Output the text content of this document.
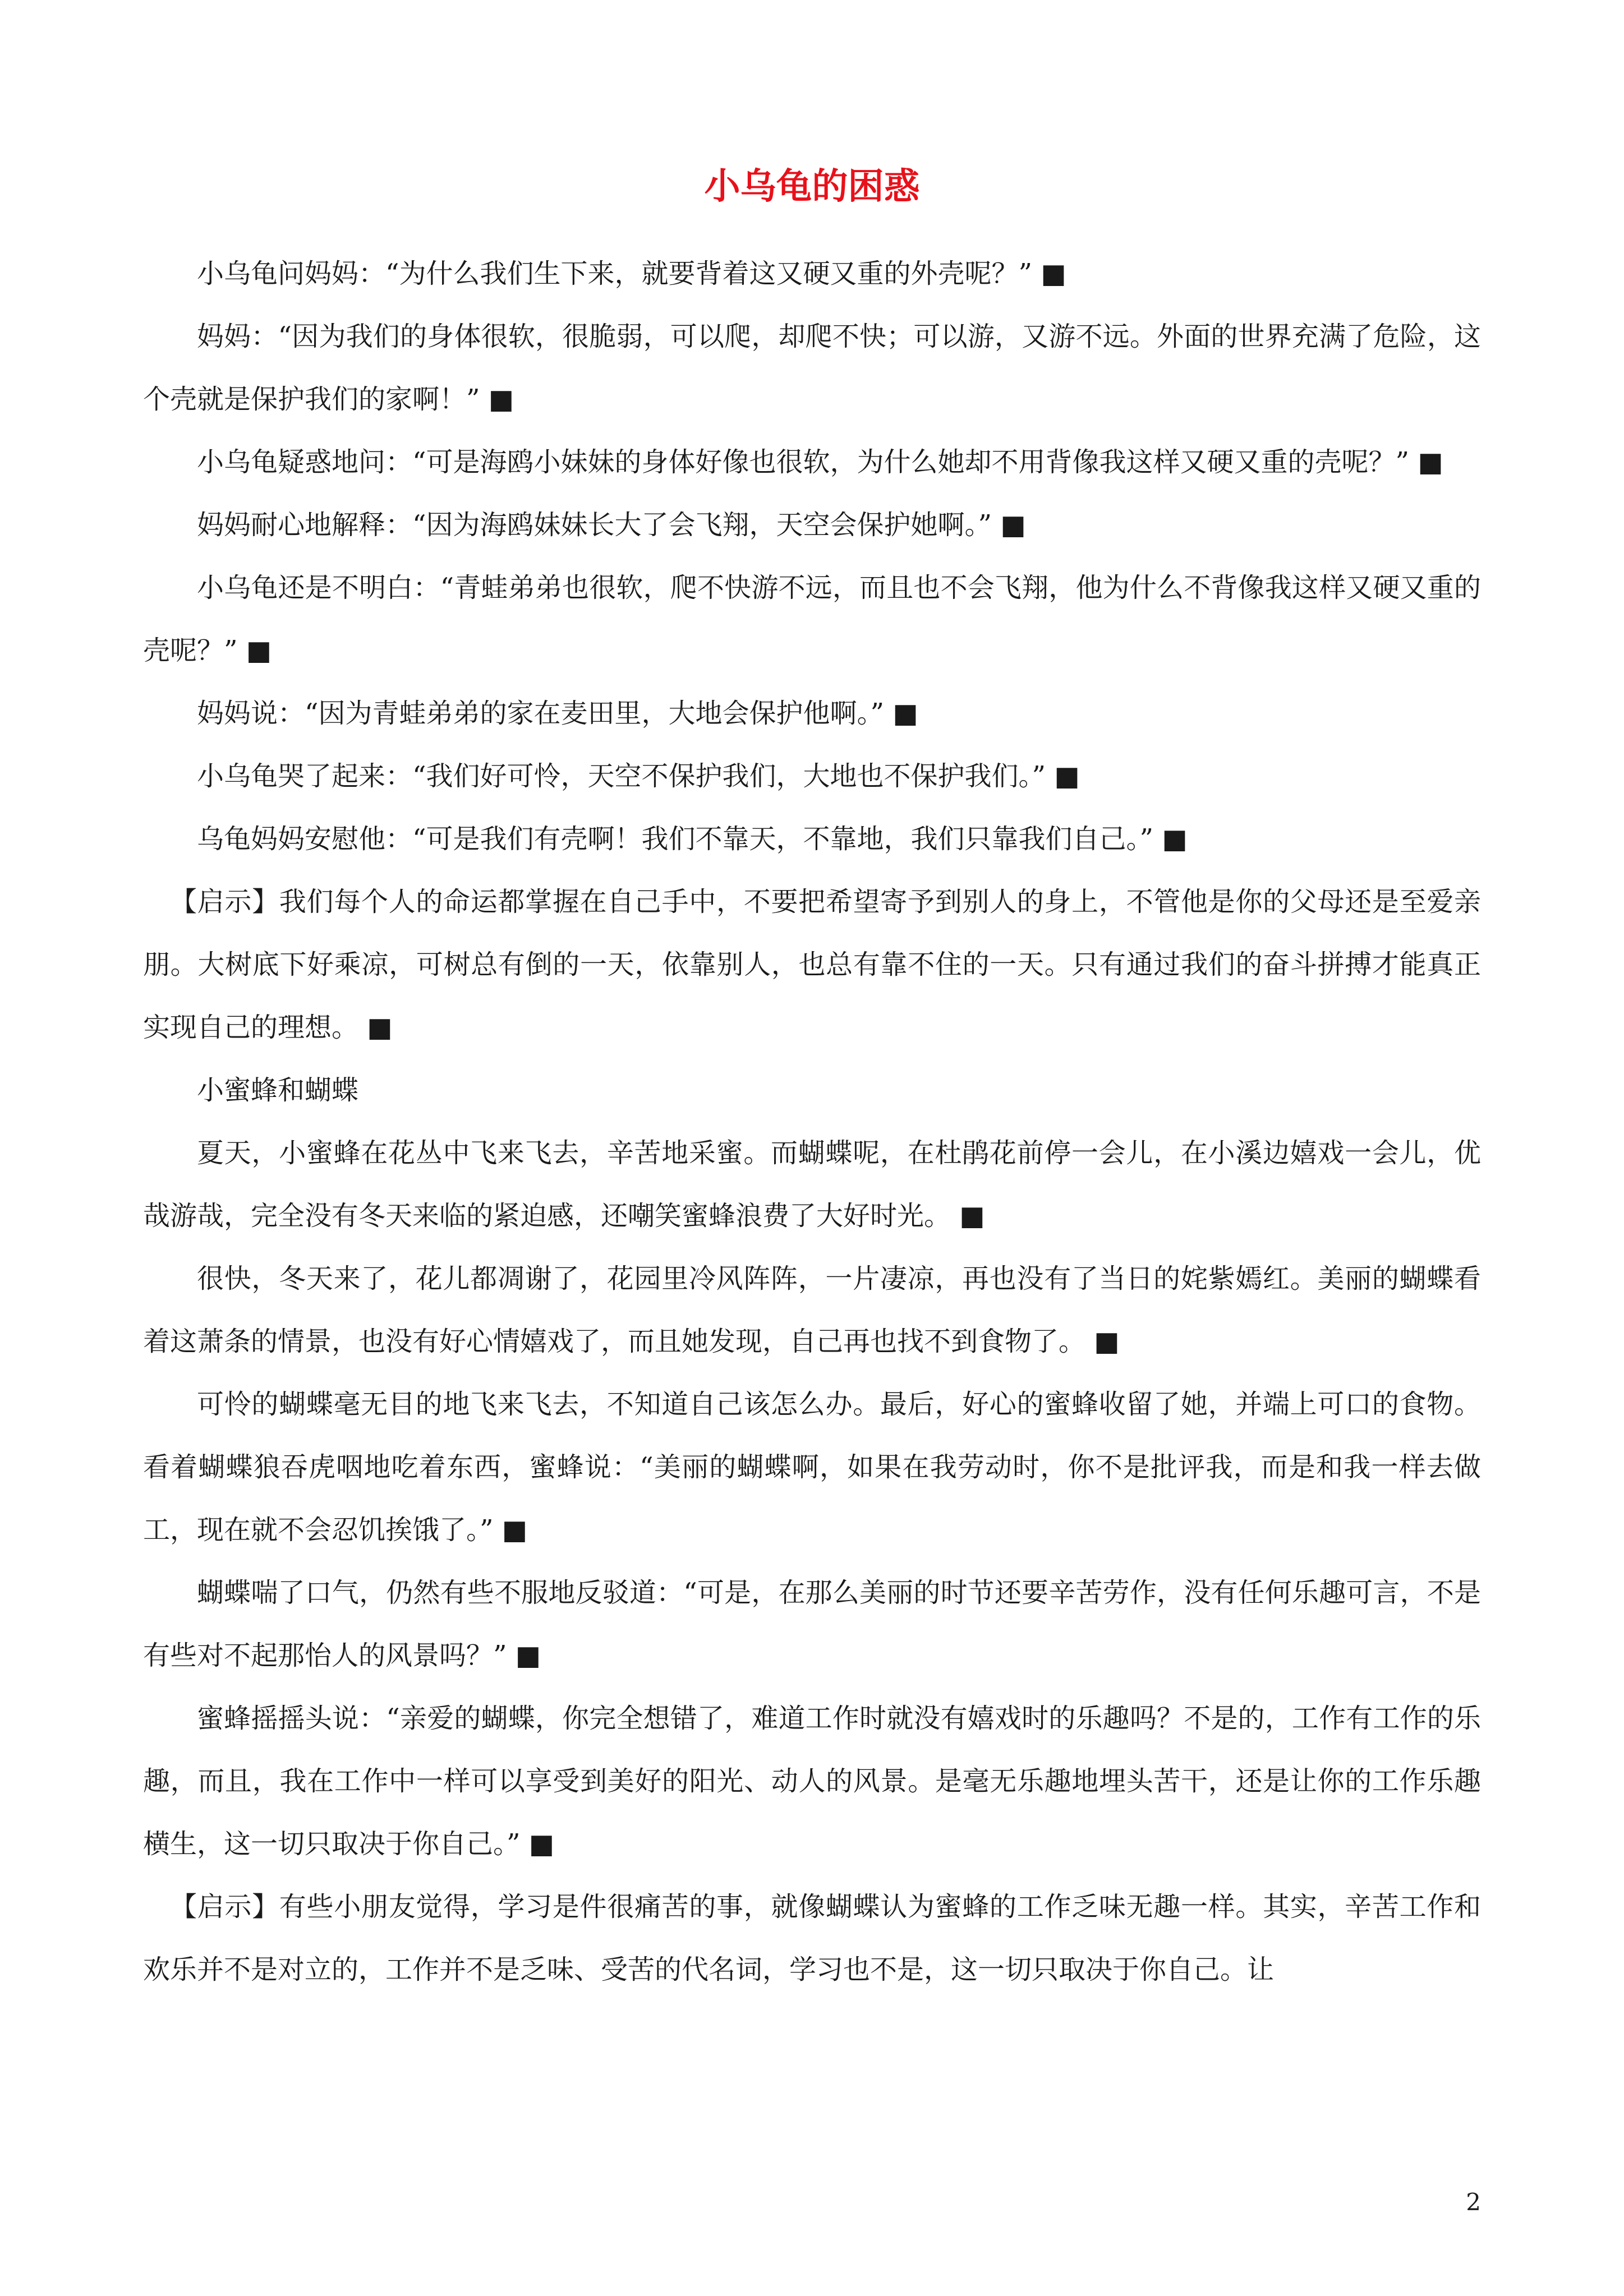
小乌龟的困惑

小乌龟问妈妈：“为什么我们生下来，就要背着这又硬又重的外壳呢？” ■

妈妈：“因为我们的身体很软，很脆弱，可以爬，却爬不快；可以游，又游不远。外面的世界充满了危险，这个壳就是保护我们的家啊！” ■

小乌龟疑惑地问：“可是海鸥小妹妹的身体好像也很软，为什么她却不用背像我这样又硬又重的壳呢？” ■

妈妈耐心地解释：“因为海鸥妹妹长大了会飞翔，天空会保护她啊。” ■

小乌龟还是不明白：“青蛙弟弟也很软，爬不快游不远，而且也不会飞翔，他为什么不背像我这样又硬又重的壳呢？” ■

妈妈说：“因为青蛙弟弟的家在麦田里，大地会保护他啊。” ■

小乌龟哭了起来：“我们好可怜，天空不保护我们，大地也不保护我们。” ■

乌龟妈妈安慰他：“可是我们有壳啊！我们不靠天，不靠地，我们只靠我们自己。” ■

【启示】我们每个人的命运都掌握在自己手中，不要把希望寄予到别人的身上，不管他是你的父母还是至爱亲朋。大树底下好乘凉，可树总有倒的一天，依靠别人，也总有靠不住的一天。只有通过我们的奋斗拼搏才能真正实现自己的理想。 ■

小蜜蜂和蝴蝶

夏天，小蜜蜂在花丛中飞来飞去，辛苦地采蜜。而蝴蝶呢，在杜鹃花前停一会儿，在小溪边嬉戏一会儿，优哉游哉，完全没有冬天来临的紧迫感，还嘲笑蜜蜂浪费了大好时光。 ■

很快，冬天来了，花儿都凋谢了，花园里冷风阵阵，一片凄凉，再也没有了当日的姹紫嫣红。美丽的蝴蝶看着这萧条的情景，也没有好心情嬉戏了，而且她发现，自己再也找不到食物了。 ■

可怜的蝴蝶毫无目的地飞来飞去，不知道自己该怎么办。最后，好心的蜜蜂收留了她，并端上可口的食物。看着蝴蝶狼吞虎咽地吃着东西，蜜蜂说：“美丽的蝴蝶啊，如果在我劳动时，你不是批评我，而是和我一样去做工，现在就不会忍饥挨饿了。” ■

蝴蝶喘了口气，仍然有些不服地反驳道：“可是，在那么美丽的时节还要辛苦劳作，没有任何乐趣可言，不是有些对不起那怡人的风景吗？” ■

蜜蜂摇摇头说：“亲爱的蝴蝶，你完全想错了，难道工作时就没有嬉戏时的乐趣吗？不是的，工作有工作的乐趣，而且，我在工作中一样可以享受到美好的阳光、动人的风景。是毫无乐趣地埋头苦干，还是让你的工作乐趣横生，这一切只取决于你自己。” ■

【启示】有些小朋友觉得，学习是件很痛苦的事，就像蝴蝶认为蜜蜂的工作乏味无趣一样。其实，辛苦工作和欢乐并不是对立的，工作并不是乏味、受苦的代名词，学习也不是，这一切只取决于你自己。让

2
